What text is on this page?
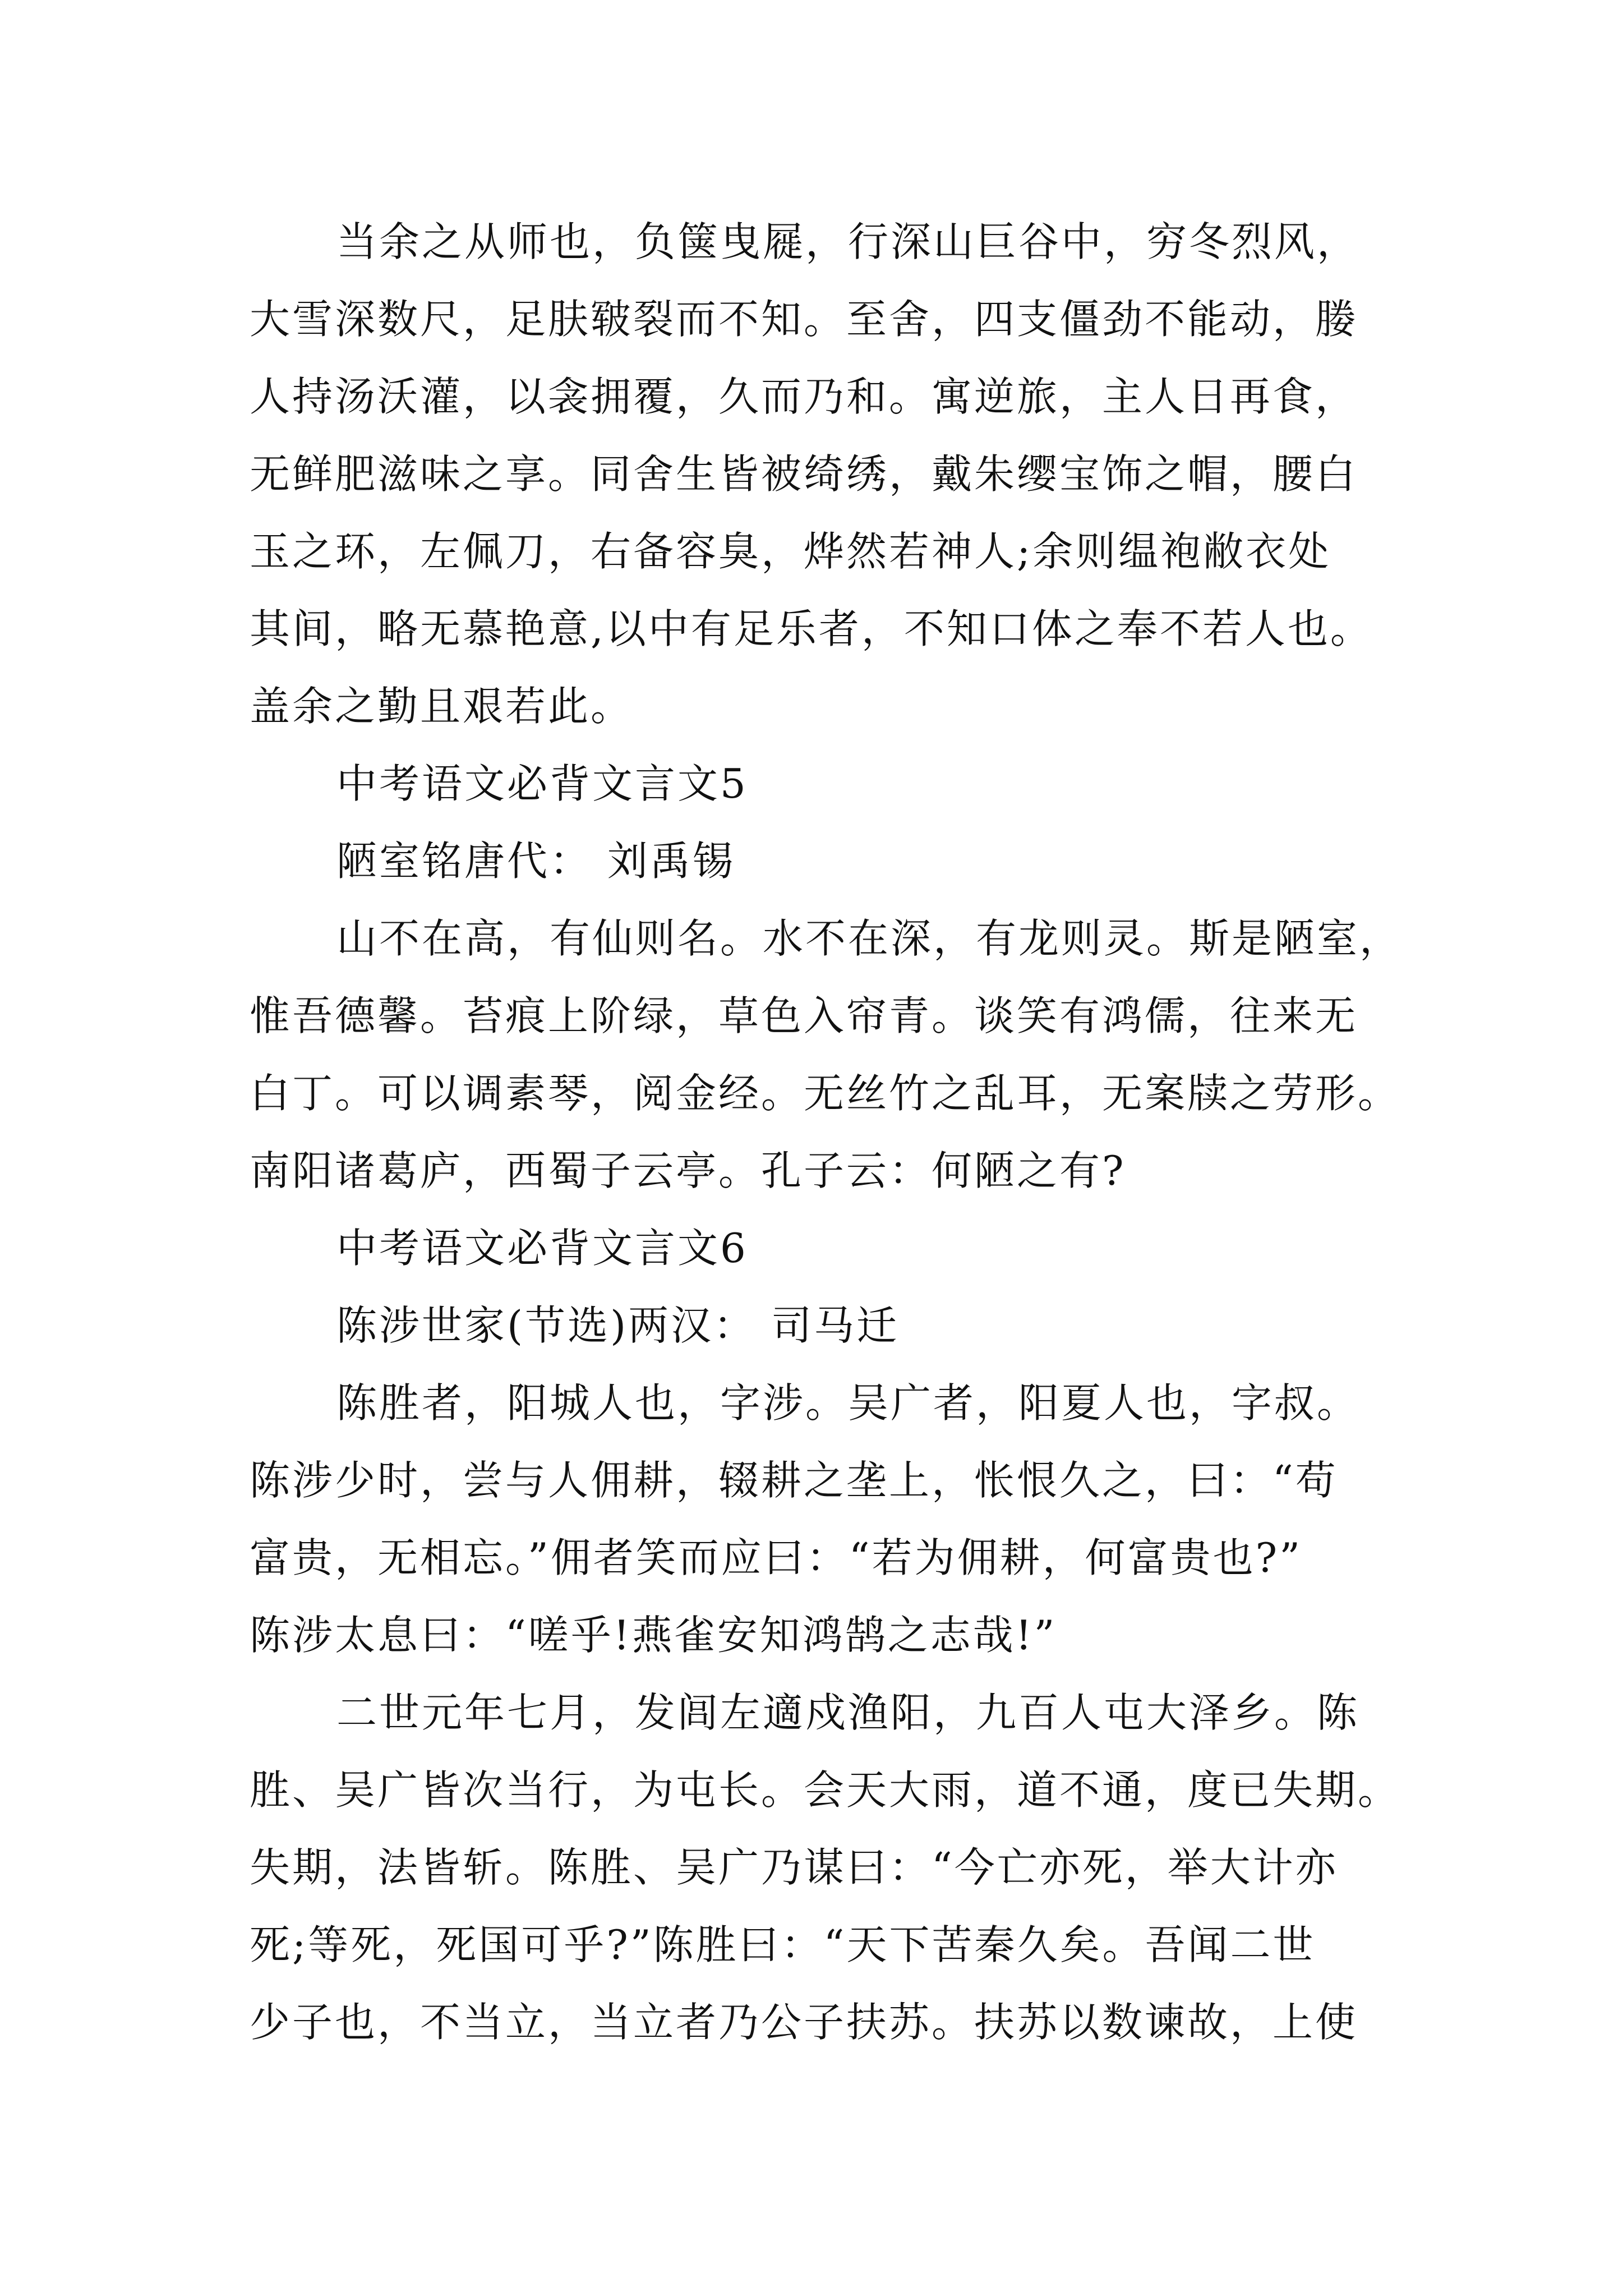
当余之从师也，负箧曳屣，行深山巨谷中，穷冬烈风，
大雪深数尺，足肤皲裂而不知。至舍，四支僵劲不能动，媵
人持汤沃灌，以衾拥覆，久而乃和。寓逆旅，主人日再食，
无鲜肥滋味之享。同舍生皆被绮绣，戴朱缨宝饰之帽，腰白
玉之环，左佩刀，右备容臭，烨然若神人;余则缊袍敝衣处
其间，略无慕艳意,以中有足乐者，不知口体之奉不若人也。
盖余之勤且艰若此。
中考语文必背文言文5
陋室铭唐代： 刘禹锡
山不在高，有仙则名。水不在深，有龙则灵。斯是陋室，
惟吾德馨。苔痕上阶绿，草色入帘青。谈笑有鸿儒，往来无
白丁。可以调素琴，阅金经。无丝竹之乱耳，无案牍之劳形。
南阳诸葛庐，西蜀子云亭。孔子云：何陋之有?
中考语文必背文言文6
陈涉世家(节选)两汉： 司马迁
陈胜者，阳城人也，字涉。吴广者，阳夏人也，字叔。
陈涉少时，尝与人佣耕，辍耕之垄上，怅恨久之，曰：“苟
富贵，无相忘。”佣者笑而应曰：“若为佣耕，何富贵也?”
陈涉太息曰：“嗟乎!燕雀安知鸿鹄之志哉!”
二世元年七月，发闾左適戍渔阳，九百人屯大泽乡。陈
胜、吴广皆次当行，为屯长。会天大雨，道不通，度已失期。
失期，法皆斩。陈胜、吴广乃谋曰：“今亡亦死，举大计亦
死;等死，死国可乎?”陈胜曰：“天下苦秦久矣。吾闻二世
少子也，不当立，当立者乃公子扶苏。扶苏以数谏故，上使
